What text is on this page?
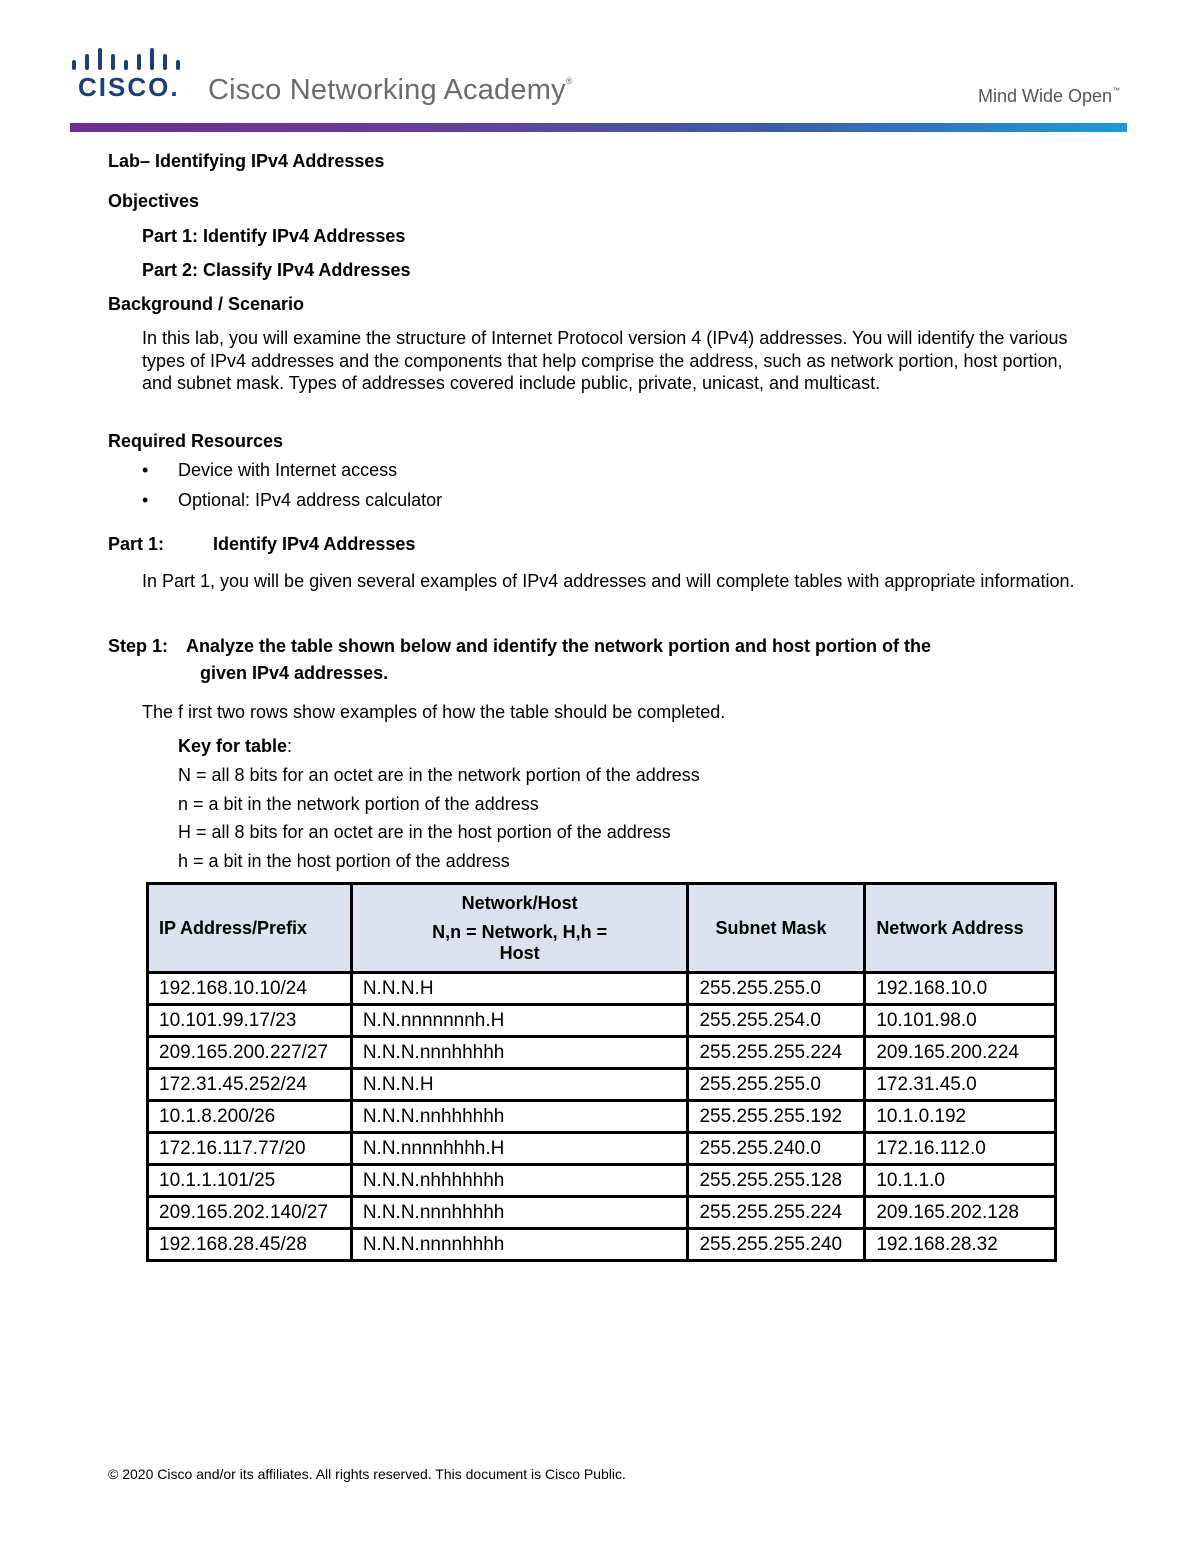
CISCO. Cisco Networking Academy®
Mind Wide Open™
Lab– Identifying IPv4 Addresses
Objectives
Part 1: Identify IPv4 Addresses
Part 2: Classify IPv4 Addresses
Background / Scenario
In this lab, you will examine the structure of Internet Protocol version 4 (IPv4) addresses. You will identify the various types of IPv4 addresses and the components that help comprise the address, such as network portion, host portion, and subnet mask. Types of addresses covered include public, private, unicast, and multicast.
Required Resources
• Device with Internet access
• Optional: IPv4 address calculator
Part 1:	Identify IPv4 Addresses
In Part 1, you will be given several examples of IPv4 addresses and will complete tables with appropriate information.
Step 1: Analyze the table shown below and identify the network portion and host portion of the
given IPv4 addresses.
The f irst two rows show examples of how the table should be completed.
Key for table:
N = all 8 bits for an octet are in the network portion of the address
n = a bit in the network portion of the address
H = all 8 bits for an octet are in the host portion of the address
h = a bit in the host portion of the address
IP Address/Prefix	Network/Host
N,n = Network, H,h =
Host	Subnet Mask	Network Address
192.168.10.10/24	N.N.N.H	255.255.255.0	192.168.10.0
10.101.99.17/23	N.N.nnnnnnnh.H	255.255.254.0	10.101.98.0
209.165.200.227/27	N.N.N.nnnhhhhh	255.255.255.224	209.165.200.224
172.31.45.252/24	N.N.N.H	255.255.255.0	172.31.45.0
10.1.8.200/26	N.N.N.nnhhhhhh	255.255.255.192	10.1.0.192
172.16.117.77/20	N.N.nnnnhhhh.H	255.255.240.0	172.16.112.0
10.1.1.101/25	N.N.N.nhhhhhhh	255.255.255.128	10.1.1.0
209.165.202.140/27	N.N.N.nnnhhhhh	255.255.255.224	209.165.202.128
192.168.28.45/28	N.N.N.nnnnhhhh	255.255.255.240	192.168.28.32
© 2020 Cisco and/or its affiliates. All rights reserved. This document is Cisco Public.
